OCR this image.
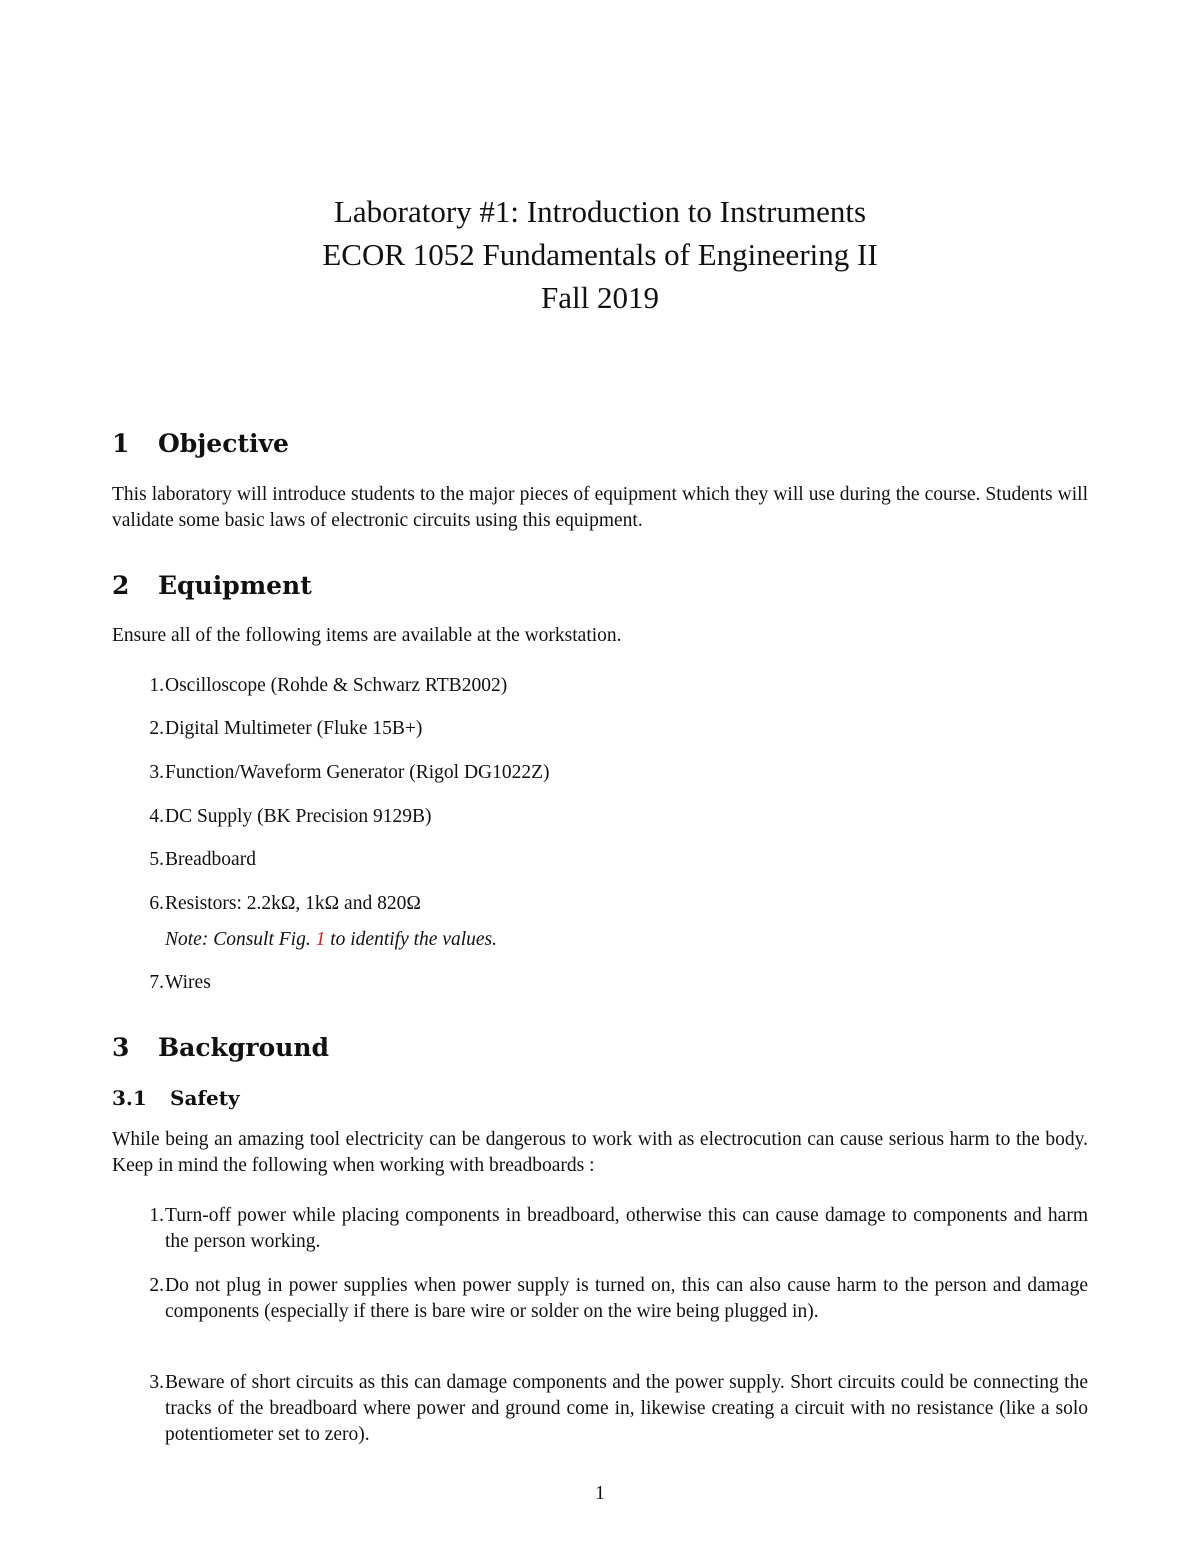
Laboratory #1: Introduction to Instruments
ECOR 1052 Fundamentals of Engineering II
Fall 2019
1 Objective
This laboratory will introduce students to the major pieces of equipment which they will use during the course. Students will validate some basic laws of electronic circuits using this equipment.
2 Equipment
Ensure all of the following items are available at the workstation.
1. Oscilloscope (Rohde & Schwarz RTB2002)
2. Digital Multimeter (Fluke 15B+)
3. Function/Waveform Generator (Rigol DG1022Z)
4. DC Supply (BK Precision 9129B)
5. Breadboard
6. Resistors: 2.2kΩ, 1kΩ and 820Ω
Note: Consult Fig. 1 to identify the values.
7. Wires
3 Background
3.1 Safety
While being an amazing tool electricity can be dangerous to work with as electrocution can cause serious harm to the body. Keep in mind the following when working with breadboards :
1. Turn-off power while placing components in breadboard, otherwise this can cause damage to components and harm the person working.
2. Do not plug in power supplies when power supply is turned on, this can also cause harm to the person and damage components (especially if there is bare wire or solder on the wire being plugged in).
3. Beware of short circuits as this can damage components and the power supply. Short circuits could be connecting the tracks of the breadboard where power and ground come in, likewise creating a circuit with no resistance (like a solo potentiometer set to zero).
1
